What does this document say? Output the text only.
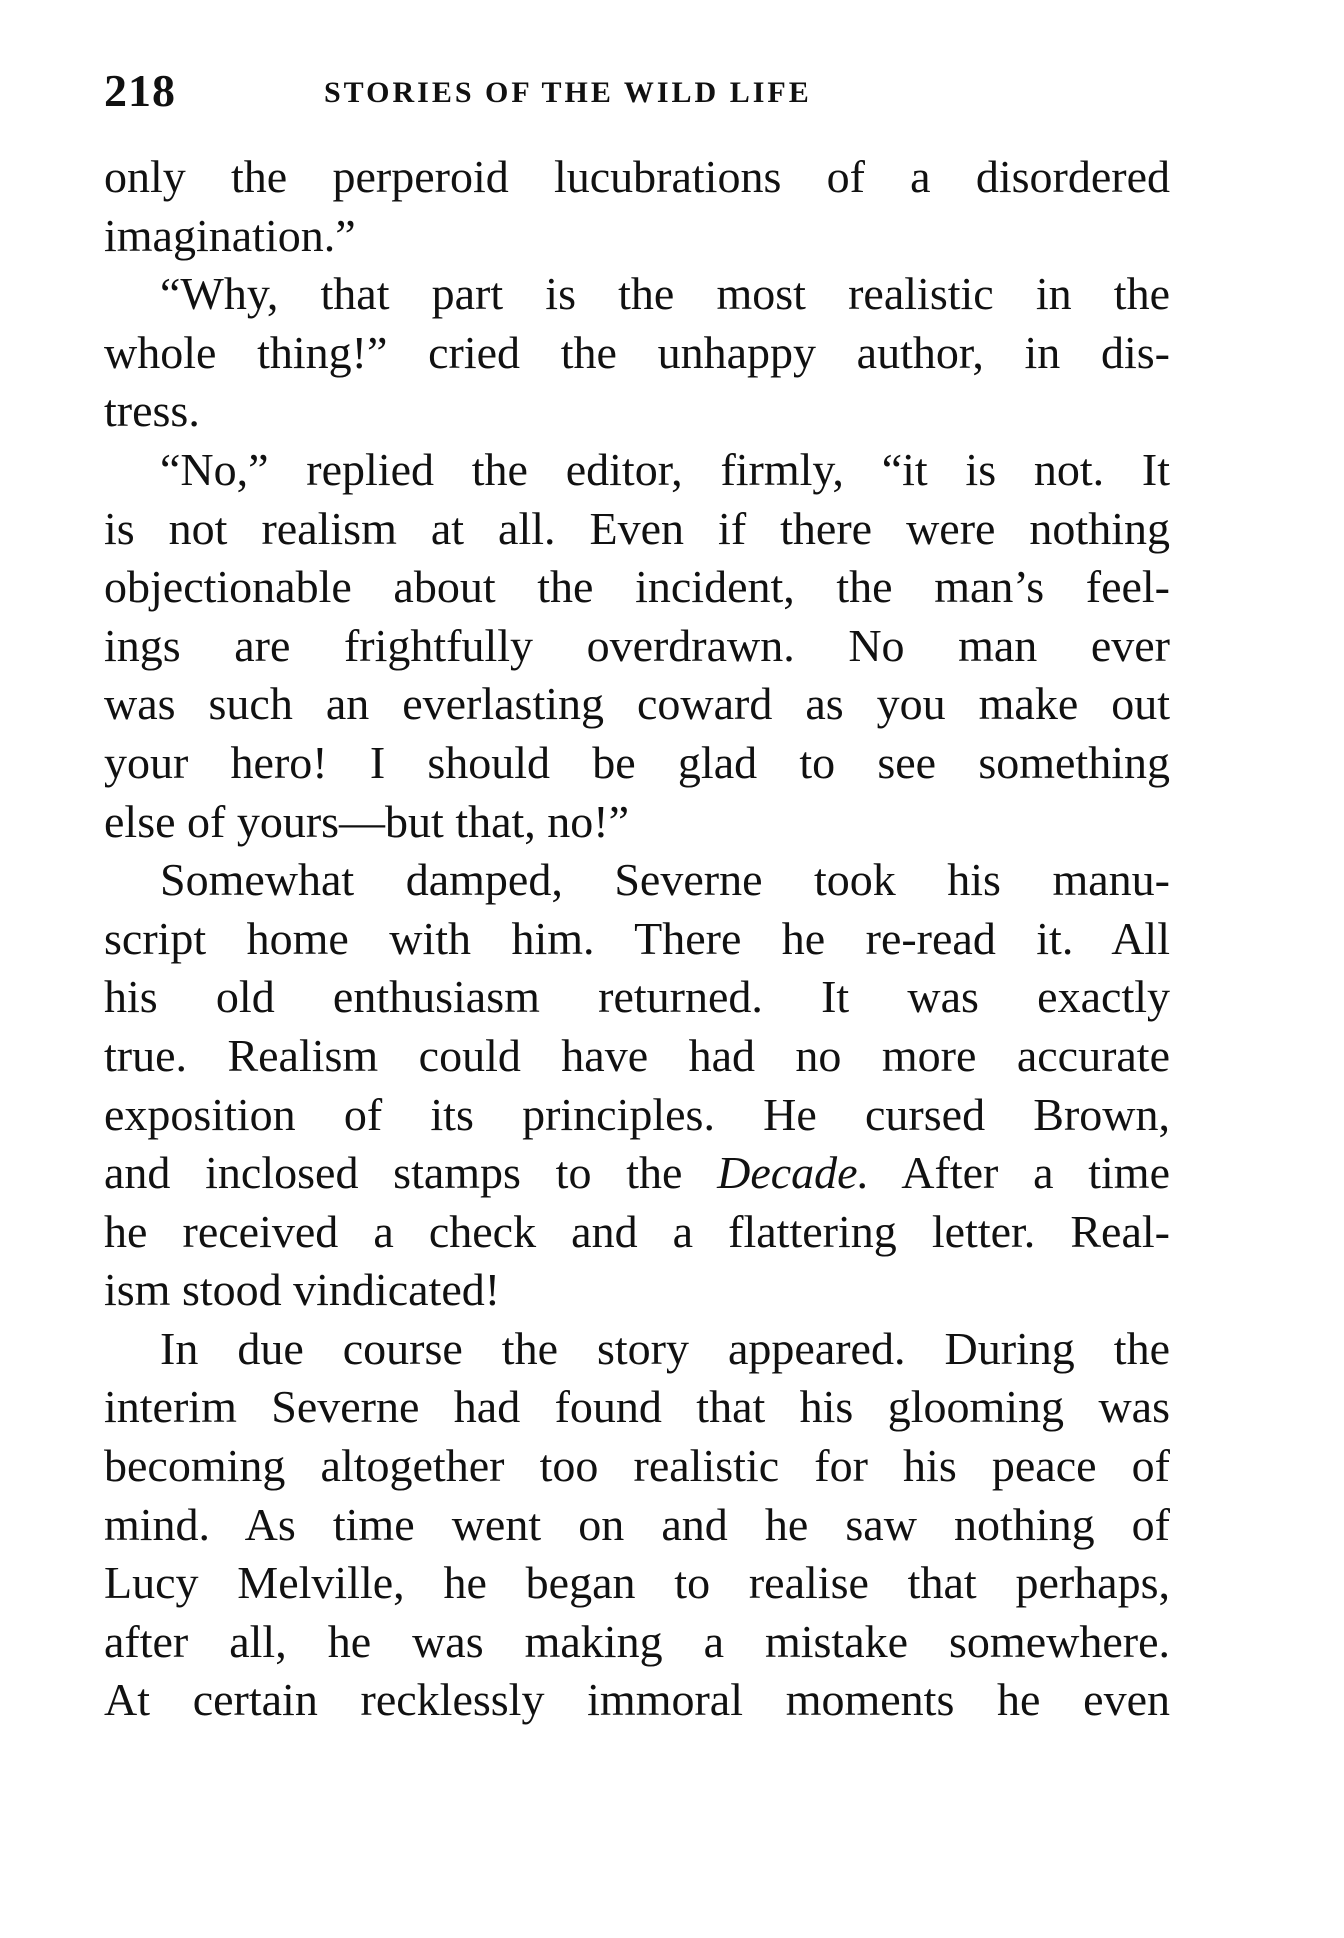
218	STORIES OF THE WILD LIFE
only the perperoid lucubrations of a disordered
imagination.”
“Why, that part is the most realistic in the
whole thing!” cried the unhappy author, in dis-
tress.
“No,” replied the editor, firmly, “it is not. It
is not realism at all. Even if there were nothing
objectionable about the incident, the man’s feel-
ings are frightfully overdrawn. No man ever
was such an everlasting coward as you make out
your hero! I should be glad to see something
else of yours—but that, no!”
Somewhat damped, Severne took his manu-
script home with him. There he re-read it. All
his old enthusiasm returned. It was exactly
true. Realism could have had no more accurate
exposition of its principles. He cursed Brown,
and inclosed stamps to the Decade. After a time
he received a check and a flattering letter. Real-
ism stood vindicated!
In due course the story appeared. During the
interim Severne had found that his glooming was
becoming altogether too realistic for his peace of
mind. As time went on and he saw nothing of
Lucy Melville, he began to realise that perhaps,
after all, he was making a mistake somewhere.
At certain recklessly immoral moments he even
